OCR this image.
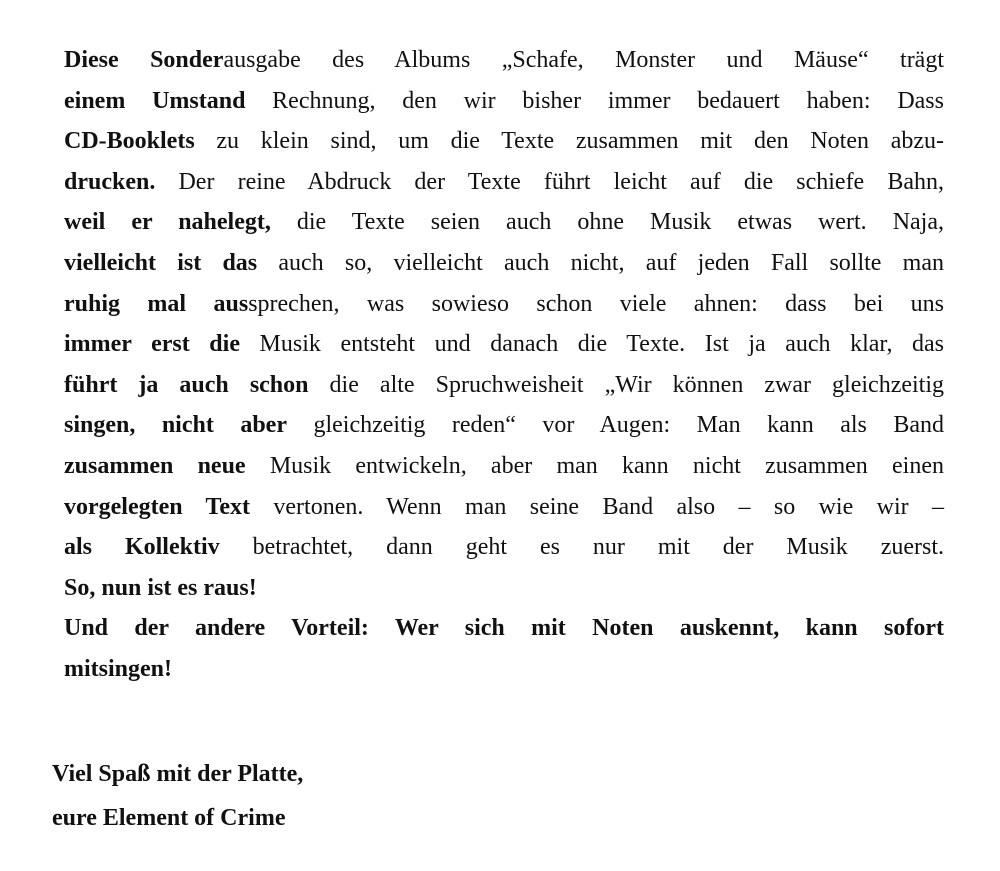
Diese Sonderausgabe des Albums „Schafe, Monster und Mäuse“ trägt
einem Umstand Rechnung, den wir bisher immer bedauert haben: Dass
CD-Booklets zu klein sind, um die Texte zusammen mit den Noten abzu-
drucken. Der reine Abdruck der Texte führt leicht auf die schiefe Bahn,
weil er nahelegt, die Texte seien auch ohne Musik etwas wert. Naja,
vielleicht ist das auch so, vielleicht auch nicht, auf jeden Fall sollte man
ruhig mal aussprechen, was sowieso schon viele ahnen: dass bei uns
immer erst die Musik entsteht und danach die Texte. Ist ja auch klar, das
führt ja auch schon die alte Spruchweisheit „Wir können zwar gleichzeitig
singen, nicht aber gleichzeitig reden“ vor Augen: Man kann als Band
zusammen neue Musik entwickeln, aber man kann nicht zusammen einen
vorgelegten Text vertonen. Wenn man seine Band also – so wie wir –
als Kollektiv betrachtet, dann geht es nur mit der Musik zuerst.
So, nun ist es raus!
Und der andere Vorteil: Wer sich mit Noten auskennt, kann sofort
mitsingen!
Viel Spaß mit der Platte,
eure Element of Crime
